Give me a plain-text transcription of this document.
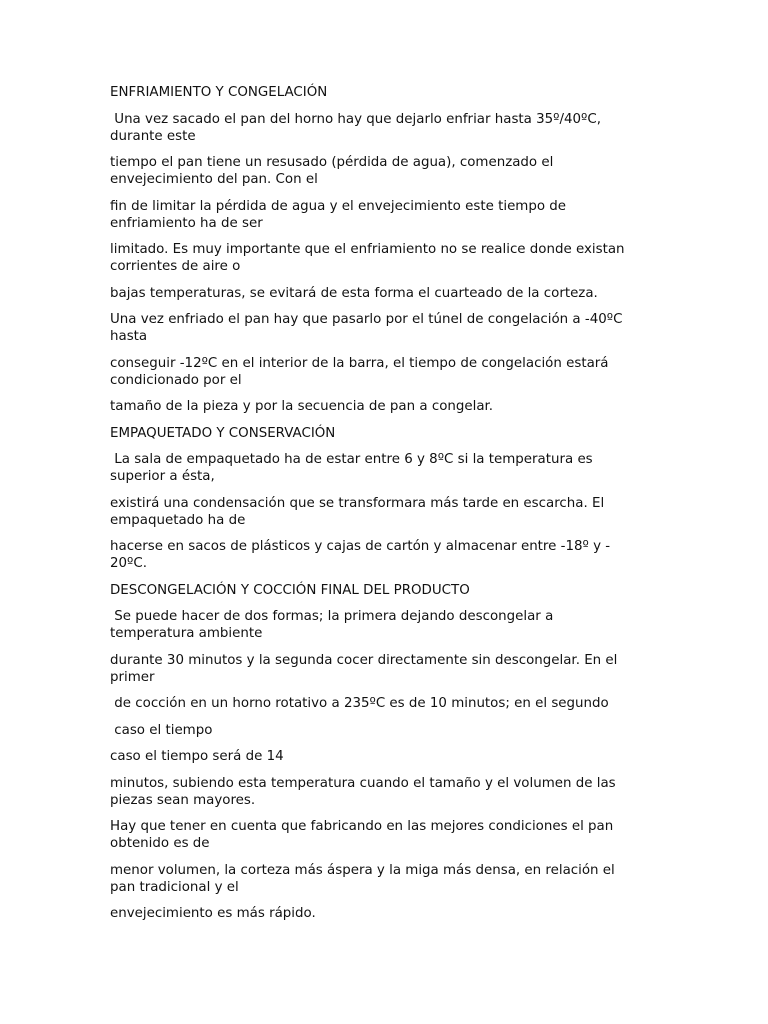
ENFRIAMIENTO Y CONGELACIÓN

Una vez sacado el pan del horno hay que dejarlo enfriar hasta 35º/40ºC,
durante este

tiempo el pan tiene un resusado (pérdida de agua), comenzado el
envejecimiento del pan. Con el

fin de limitar la pérdida de agua y el envejecimiento este tiempo de
enfriamiento ha de ser

limitado. Es muy importante que el enfriamiento no se realice donde existan
corrientes de aire o

bajas temperaturas, se evitará de esta forma el cuarteado de la corteza.

Una vez enfriado el pan hay que pasarlo por el túnel de congelación a -40ºC
hasta

conseguir -12ºC en el interior de la barra, el tiempo de congelación estará
condicionado por el

tamaño de la pieza y por la secuencia de pan a congelar.

EMPAQUETADO Y CONSERVACIÓN

La sala de empaquetado ha de estar entre 6 y 8ºC si la temperatura es
superior a ésta,

existirá una condensación que se transformara más tarde en escarcha. El
empaquetado ha de

hacerse en sacos de plásticos y cajas de cartón y almacenar entre -18º y -
20ºC.

DESCONGELACIÓN Y COCCIÓN FINAL DEL PRODUCTO

Se puede hacer de dos formas; la primera dejando descongelar a
temperatura ambiente

durante 30 minutos y la segunda cocer directamente sin descongelar. En el
primer

de cocción en un horno rotativo a 235ºC es de 10 minutos; en el segundo

caso el tiempo

caso el tiempo será de 14

minutos, subiendo esta temperatura cuando el tamaño y el volumen de las
piezas sean mayores.

Hay que tener en cuenta que fabricando en las mejores condiciones el pan
obtenido es de

menor volumen, la corteza más áspera y la miga más densa, en relación el
pan tradicional y el

envejecimiento es más rápido.
